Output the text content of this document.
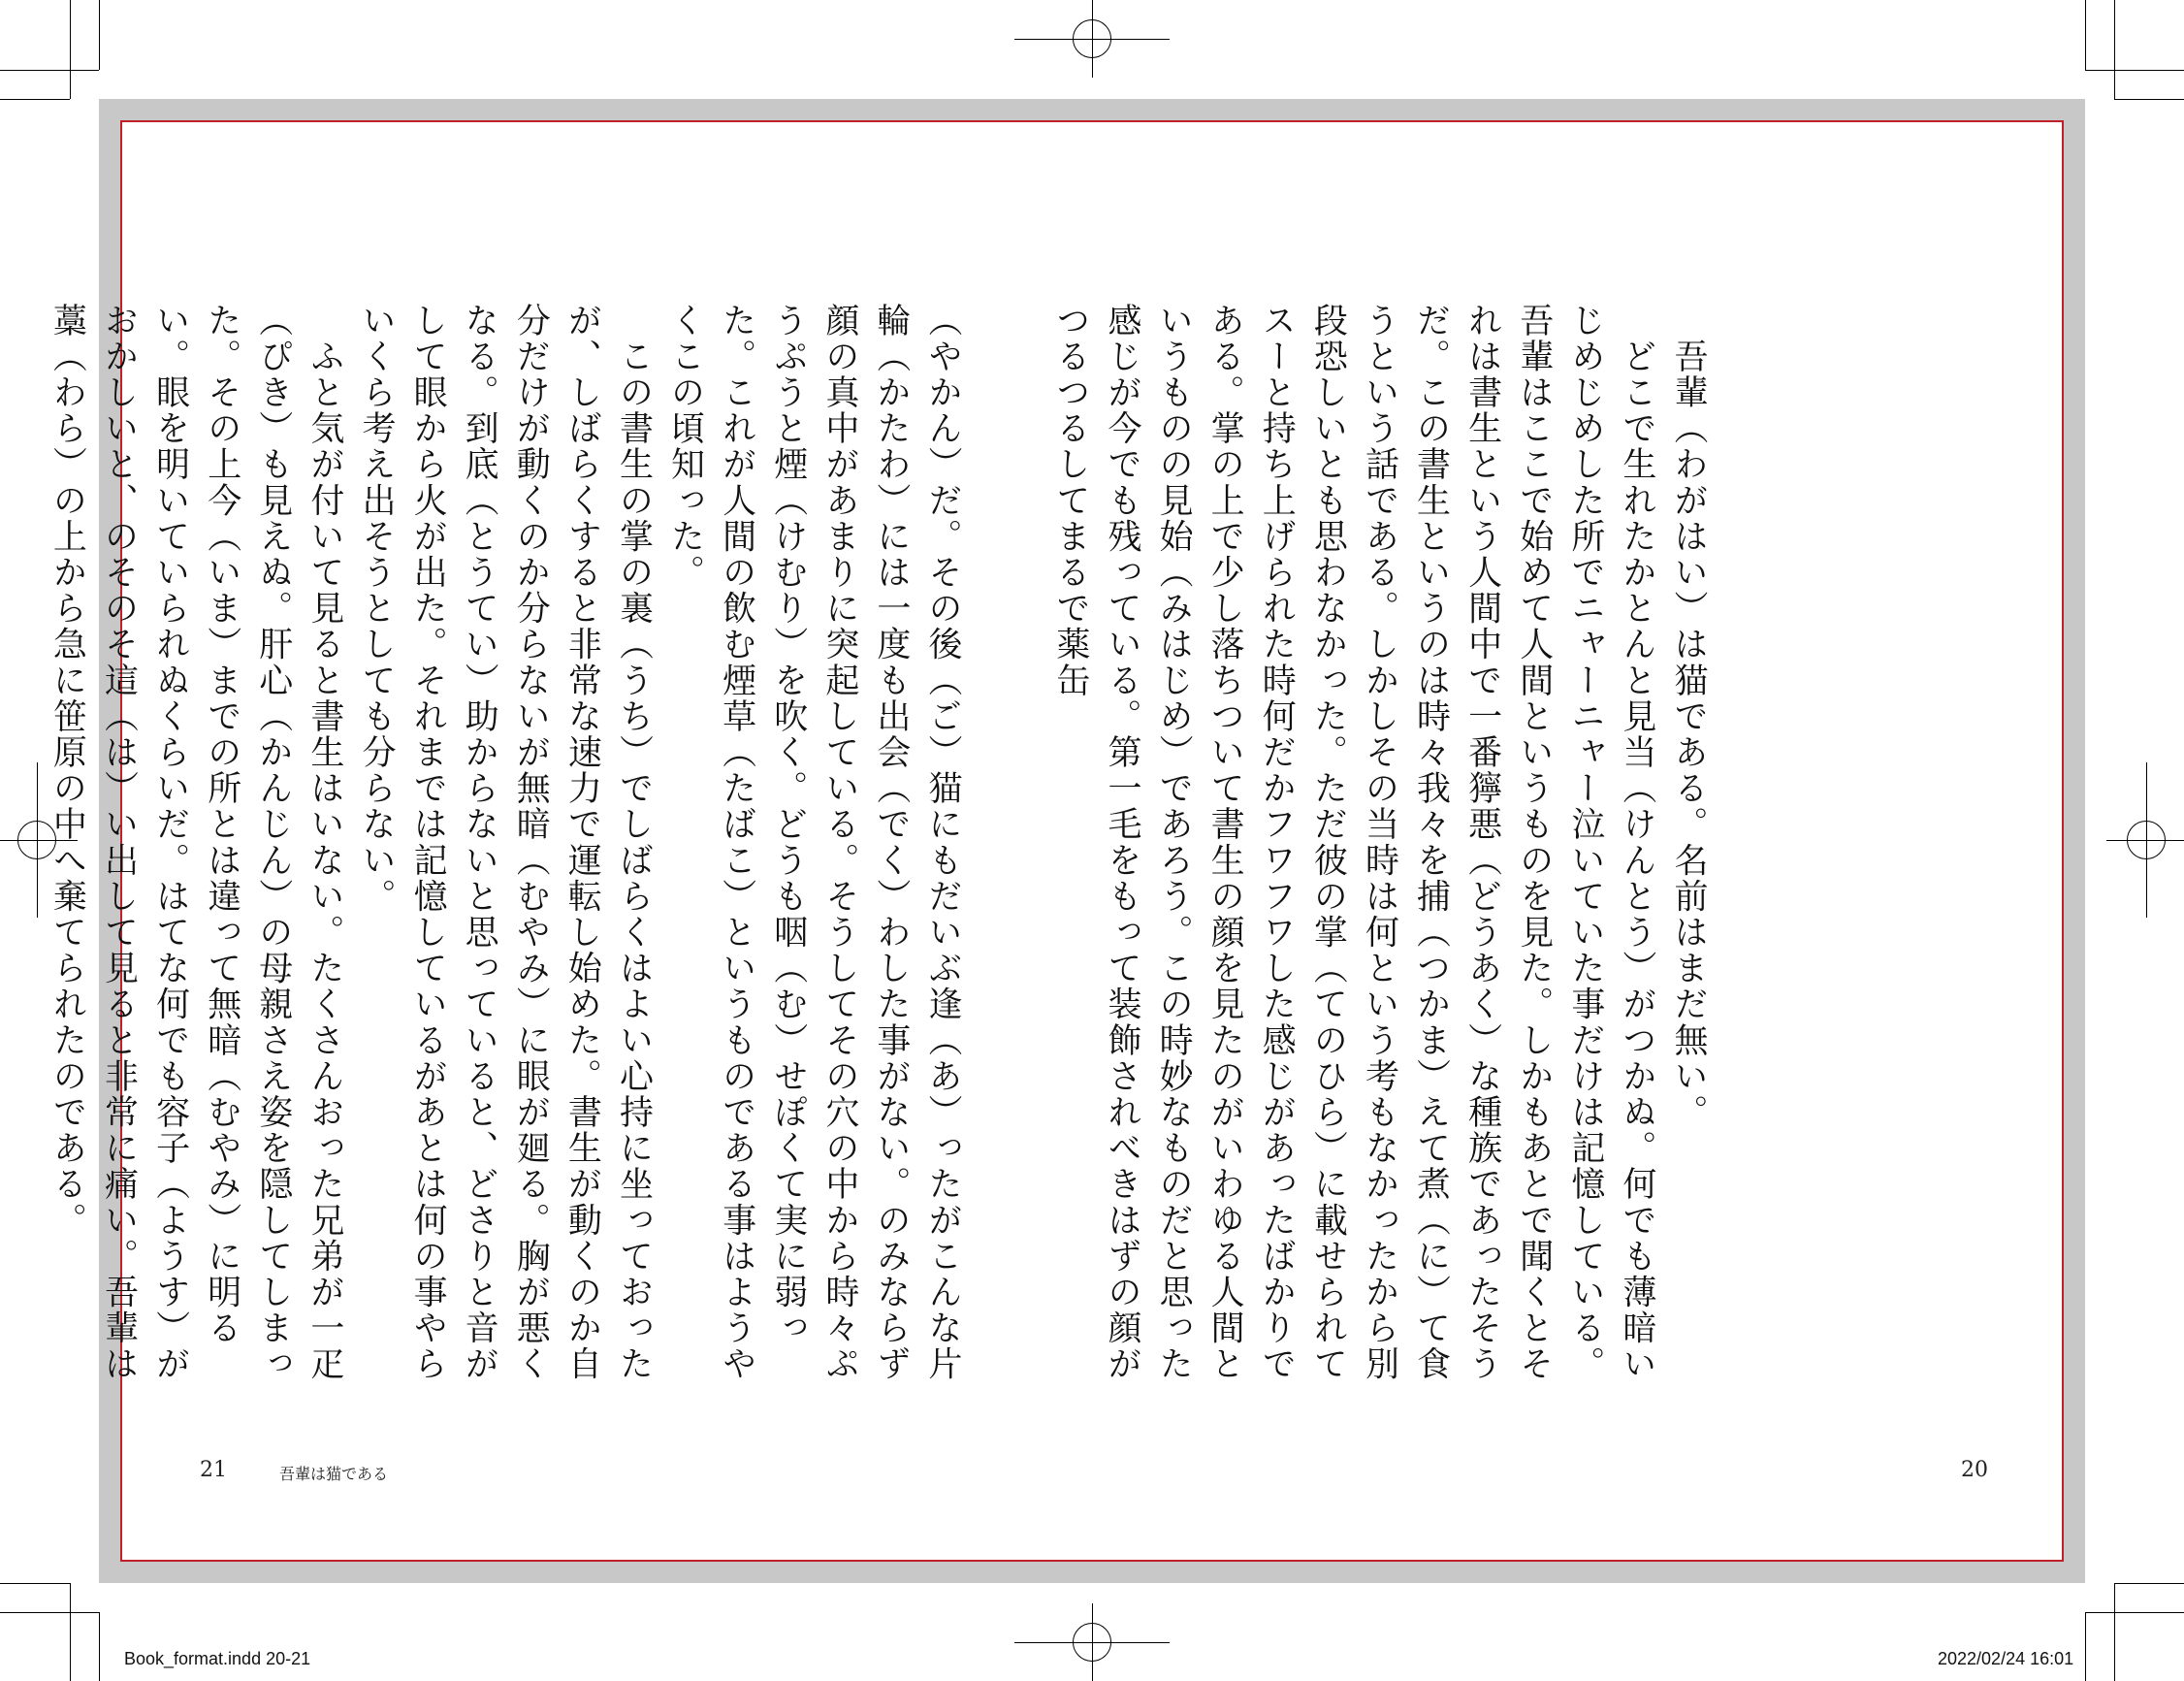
　吾輩（わがはい）は猫である。名前はまだ無い。

　どこで生れたかとんと見当（けんとう）がつかぬ。何でも薄暗いじめじめした所でニャーニャー泣いていた事だけは記憶している。吾輩はここで始めて人間というものを見た。しかもあとで聞くとそれは書生という人間中で一番獰悪（どうあく）な種族であったそうだ。この書生というのは時々我々を捕（つかま）えて煮（に）て食うという話である。しかしその当時は何という考もなかったから別段恐しいとも思わなかった。ただ彼の掌（てのひら）に載せられてスーと持ち上げられた時何だかフワフワした感じがあったばかりである。掌の上で少し落ちついて書生の顔を見たのがいわゆる人間というものの見始（みはじめ）であろう。この時妙なものだと思った感じが今でも残っている。第一毛をもって装飾されべきはずの顔がつるつるしてまるで薬缶

（やかん）だ。その後（ご）猫にもだいぶ逢（あ）ったがこんな片輪（かたわ）には一度も出会（でく）わした事がない。のみならず顔の真中があまりに突起している。そうしてその穴の中から時々ぷうぷうと煙（けむり）を吹く。どうも咽（む）せぽくて実に弱った。これが人間の飲む煙草（たばこ）というものである事はようやくこの頃知った。

　この書生の掌の裏（うち）でしばらくはよい心持に坐っておったが、しばらくすると非常な速力で運転し始めた。書生が動くのか自分だけが動くのか分らないが無暗（むやみ）に眼が廻る。胸が悪くなる。到底（とうてい）助からないと思っていると、どさりと音がして眼から火が出た。それまでは記憶しているがあとは何の事やらいくら考え出そうとしても分らない。

　ふと気が付いて見ると書生はいない。たくさんおった兄弟が一疋（ぴき）も見えぬ。肝心（かんじん）の母親さえ姿を隠してしまった。その上今（いま）までの所とは違って無暗（むやみ）に明るい。眼を明いていられぬくらいだ。はてな何でも容子（ようす）がおかしいと、のそのそ這（は）い出して見ると非常に痛い。吾輩は藁（わら）の上から急に笹原の中へ棄てられたのである。

21	吾輩は猫である	20
Book_format.indd 20-21	2022/02/24 16:01
